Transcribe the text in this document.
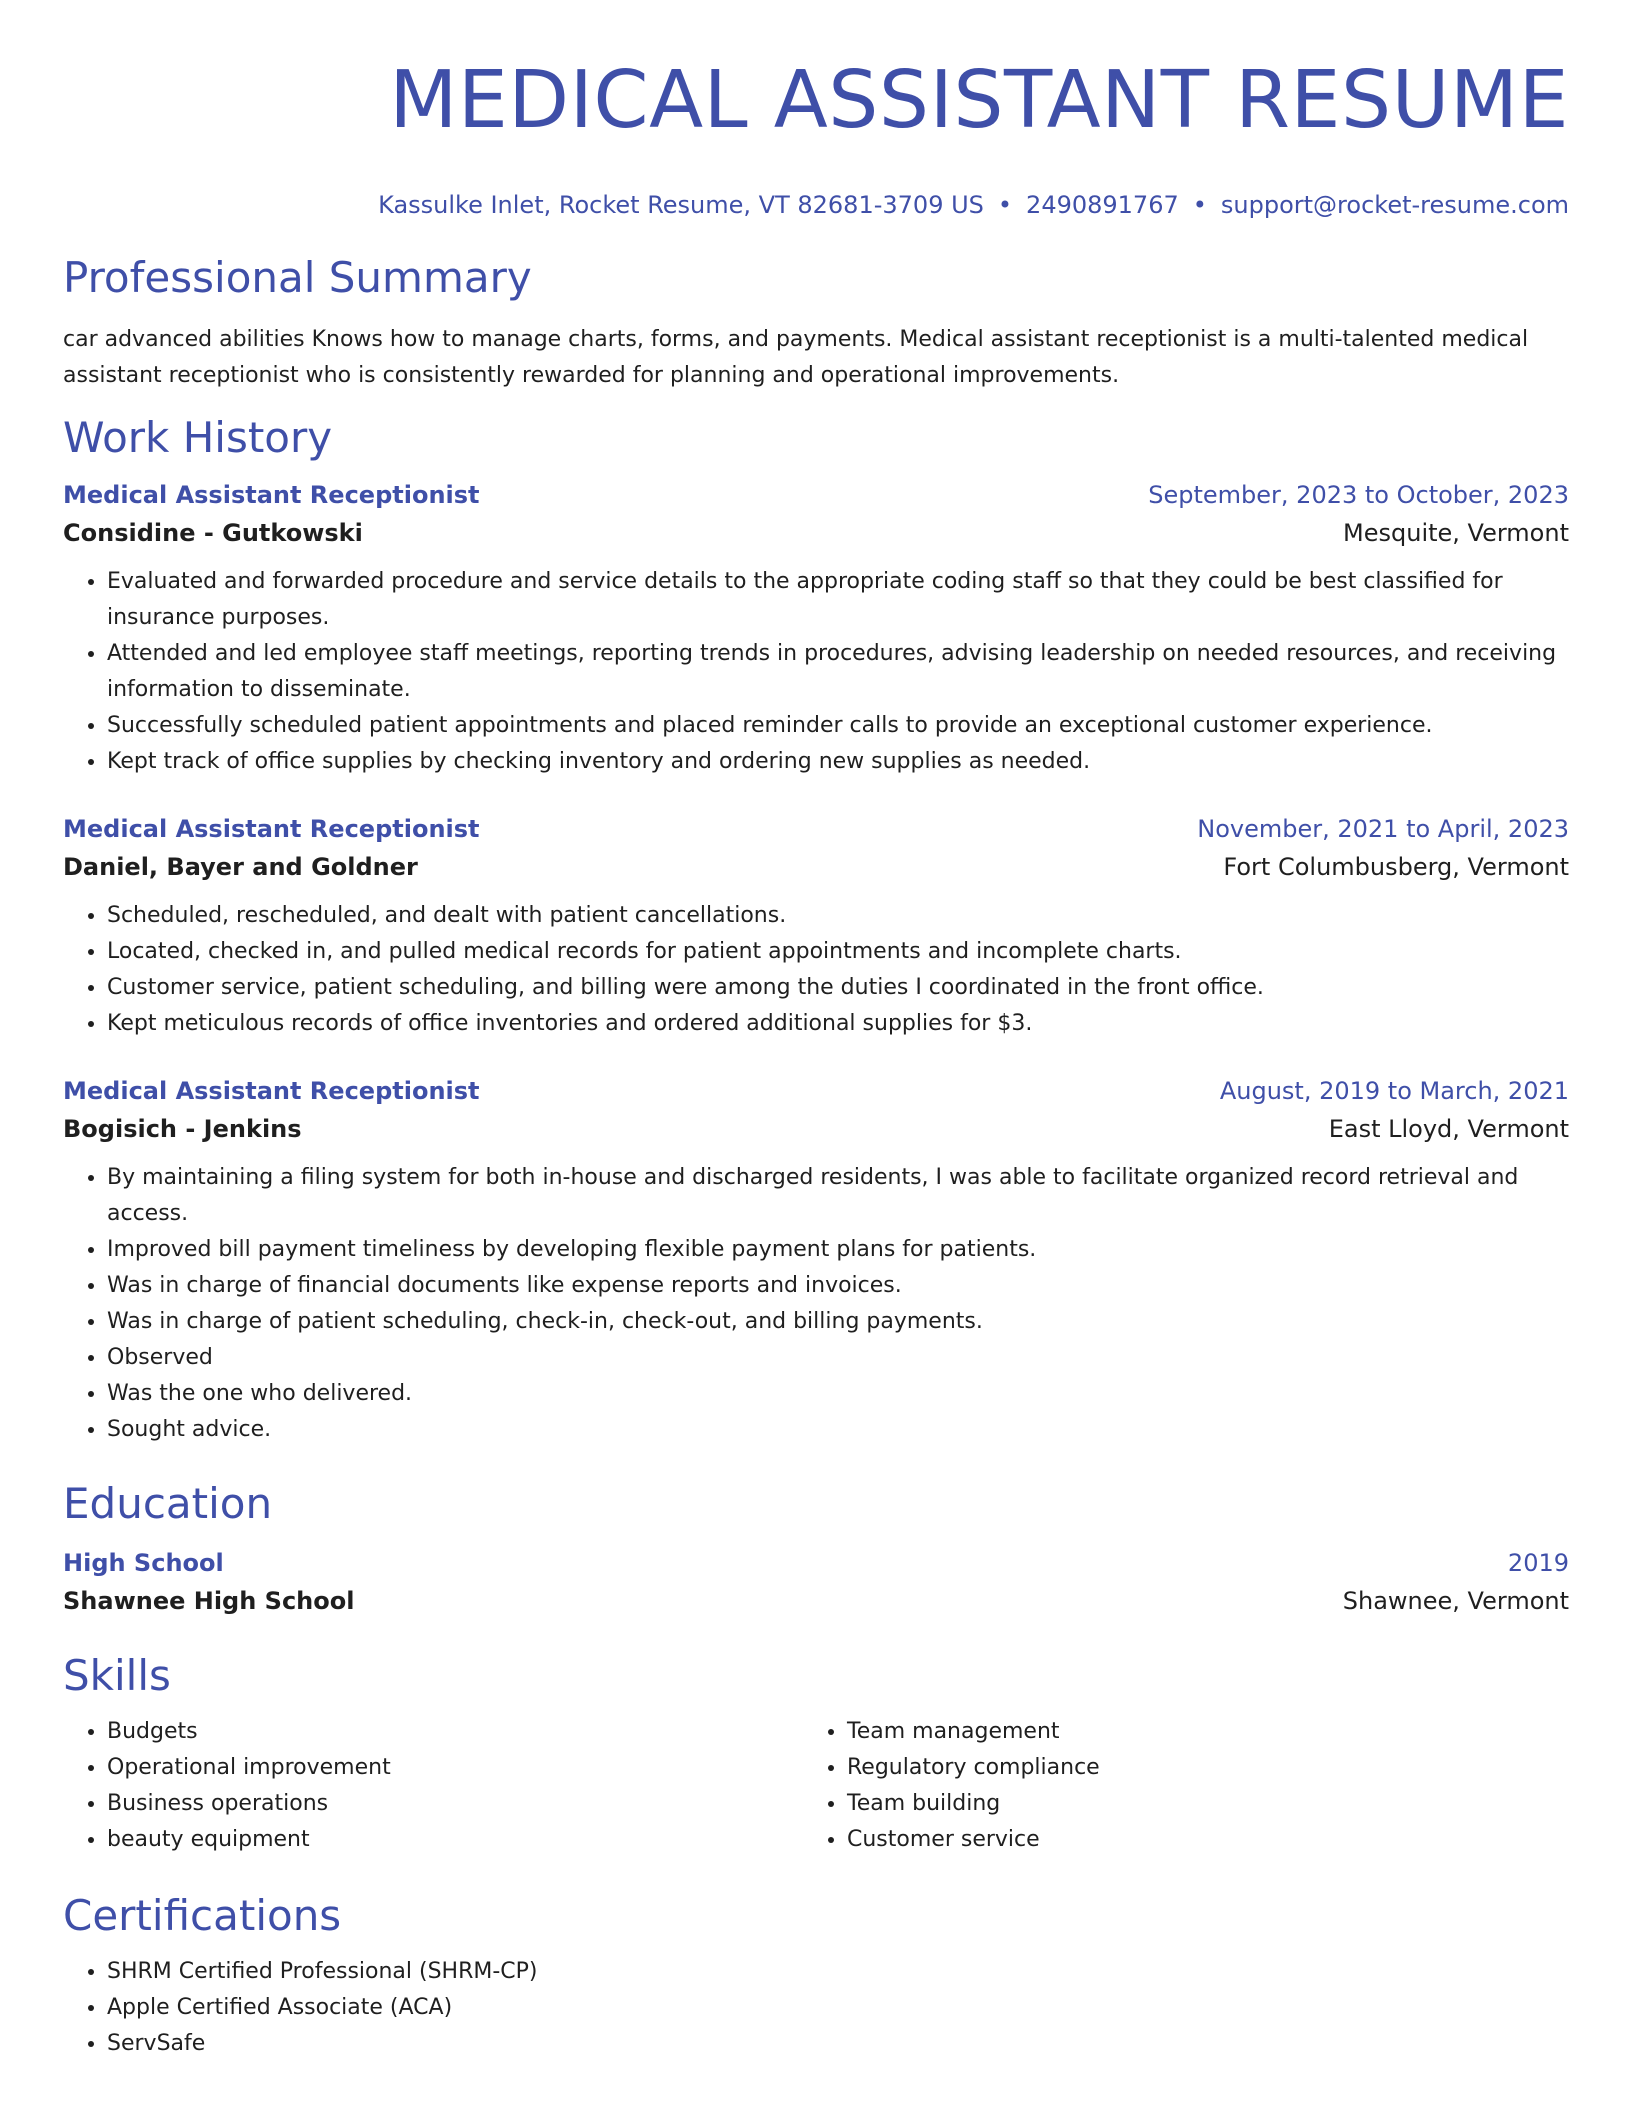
MEDICAL ASSISTANT RESUME
Kassulke Inlet, Rocket Resume, VT 82681-3709 US • 2490891767 • support@rocket-resume.com
Professional Summary
car advanced abilities Knows how to manage charts, forms, and payments. Medical assistant receptionist is a multi-talented medical assistant receptionist who is consistently rewarded for planning and operational improvements.
Work History
Medical Assistant Receptionist	September, 2023 to October, 2023
Considine - Gutkowski	Mesquite, Vermont
• Evaluated and forwarded procedure and service details to the appropriate coding staff so that they could be best classified for insurance purposes.
• Attended and led employee staff meetings, reporting trends in procedures, advising leadership on needed resources, and receiving information to disseminate.
• Successfully scheduled patient appointments and placed reminder calls to provide an exceptional customer experience.
• Kept track of office supplies by checking inventory and ordering new supplies as needed.
Medical Assistant Receptionist	November, 2021 to April, 2023
Daniel, Bayer and Goldner	Fort Columbusberg, Vermont
• Scheduled, rescheduled, and dealt with patient cancellations.
• Located, checked in, and pulled medical records for patient appointments and incomplete charts.
• Customer service, patient scheduling, and billing were among the duties I coordinated in the front office.
• Kept meticulous records of office inventories and ordered additional supplies for $3.
Medical Assistant Receptionist	August, 2019 to March, 2021
Bogisich - Jenkins	East Lloyd, Vermont
• By maintaining a filing system for both in-house and discharged residents, I was able to facilitate organized record retrieval and access.
• Improved bill payment timeliness by developing flexible payment plans for patients.
• Was in charge of financial documents like expense reports and invoices.
• Was in charge of patient scheduling, check-in, check-out, and billing payments.
• Observed
• Was the one who delivered.
• Sought advice.
Education
High School	2019
Shawnee High School	Shawnee, Vermont
Skills
• Budgets
• Operational improvement
• Business operations
• beauty equipment
• Team management
• Regulatory compliance
• Team building
• Customer service
Certifications
• SHRM Certified Professional (SHRM-CP)
• Apple Certified Associate (ACA)
• ServSafe
